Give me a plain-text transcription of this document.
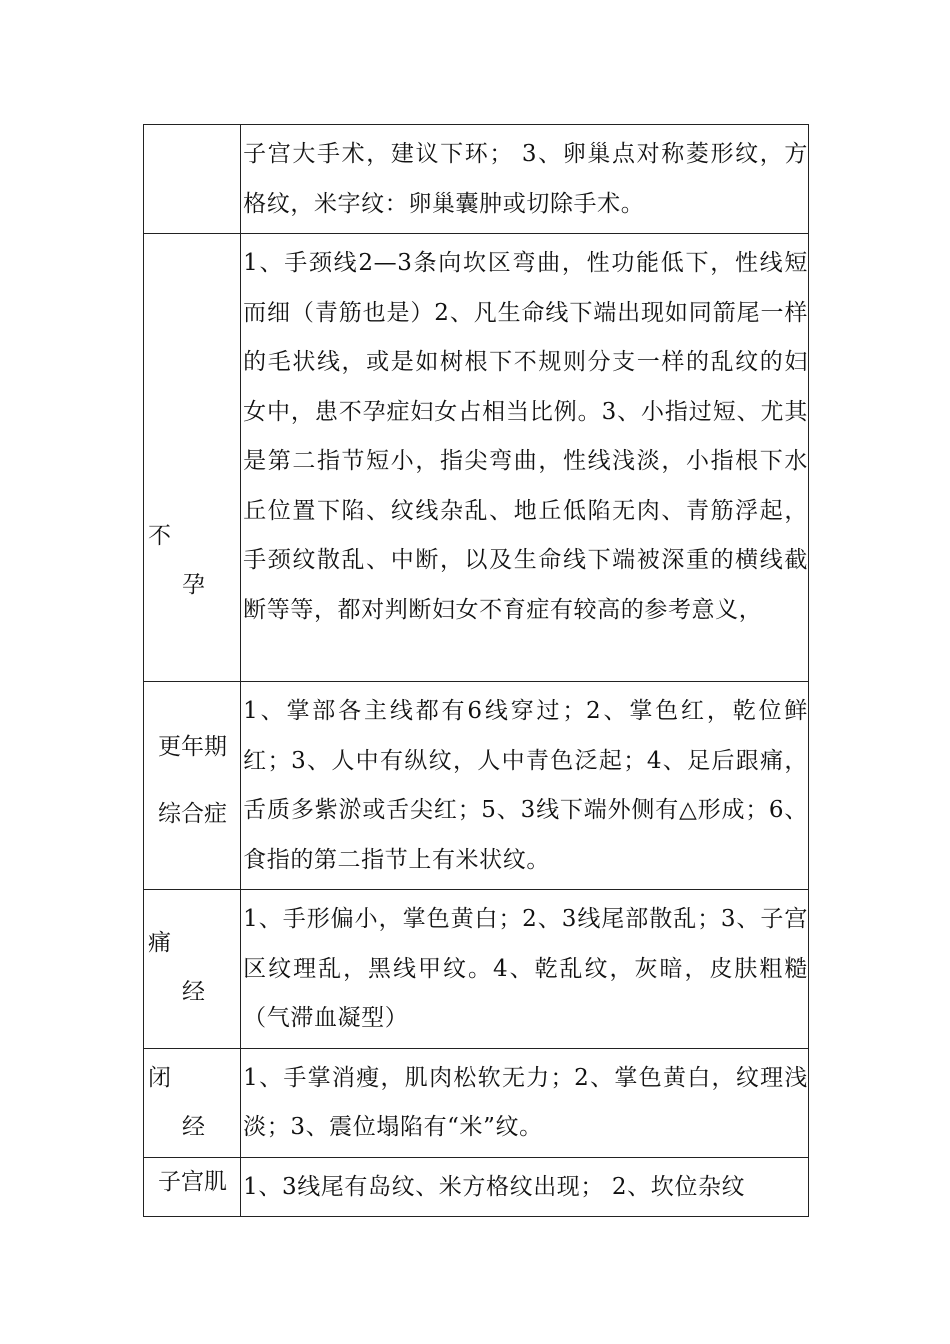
	子宫大手术，建议下环； 3、卵巢点对称菱形纹，方格纹，米字纹：卵巢囊肿或切除手术。

不
孕	1、手颈线2—3条向坎区弯曲，性功能低下，性线短而细（青筋也是）2、凡生命线下端出现如同箭尾一样的毛状线，或是如树根下不规则分支一样的乱纹的妇女中，患不孕症妇女占相当比例。3、小指过短、尤其是第二指节短小，指尖弯曲，性线浅淡，小指根下水丘位置下陷、纹线杂乱、地丘低陷无肉、青筋浮起，手颈纹散乱、中断，以及生命线下端被深重的横线截断等等，都对判断妇女不育症有较高的参考意义，

更年期
综合症	1、掌部各主线都有6线穿过；2、掌色红，乾位鲜红；3、人中有纵纹，人中青色泛起；4、足后跟痛，舌质多紫淤或舌尖红；5、3线下端外侧有△形成；6、食指的第二指节上有米状纹。

痛
经	1、手形偏小，掌色黄白；2、3线尾部散乱；3、子宫区纹理乱，黑线甲纹。4、乾乱纹，灰暗，皮肤粗糙（气滞血凝型）

闭
经	1、手掌消瘦，肌肉松软无力；2、掌色黄白，纹理浅淡；3、震位塌陷有“米”纹。

子宫肌	1、3线尾有岛纹、米方格纹出现； 2、坎位杂纹
